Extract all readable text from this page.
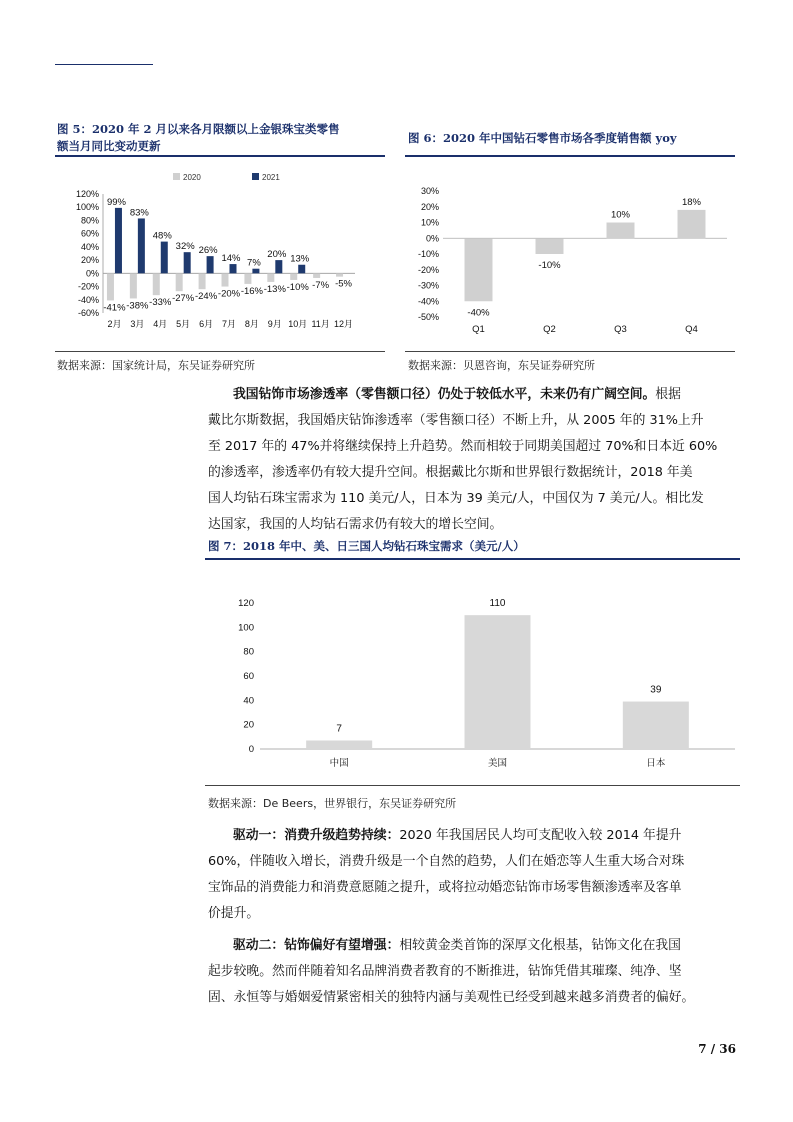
图 5：2020 年 2 月以来各月限额以上金银珠宝类零售
额当月同比变动更新
图 6：2020 年中国钻石零售市场各季度销售额 yoy
2020	2021
120%
100%
80%
60%
40%
20%
0%
-20%
-40%
-60%
2月
-41%
99%
3月
-38%
83%
4月
-33%
48%
5月
-27%
32%
6月
-24%
26%
7月
-20%
14%
8月
-16%
7%
9月
-13%
20%
10月
-10%
13%
11月
-7%
12月
-5%
30%
20%
10%
0%
-10%
-20%
-30%
-40%
-50%	-40%
Q1
-10%
Q2
10%
Q3
18%
Q4
数据来源：国家统计局，东吴证券研究所	数据来源：贝恩咨询，东吴证券研究所
我国钻饰市场渗透率（零售额口径）仍处于较低水平，未来仍有广阔空间。根据
戴比尔斯数据，我国婚庆钻饰渗透率（零售额口径）不断上升，从 2005 年的 31%上升
至 2017 年的 47%并将继续保持上升趋势。然而相较于同期美国超过 70%和日本近 60%
的渗透率，渗透率仍有较大提升空间。根据戴比尔斯和世界银行数据统计，2018 年美
国人均钻石珠宝需求为 110 美元/人，日本为 39 美元/人，中国仅为 7 美元/人。相比发
达国家，我国的人均钻石需求仍有较大的增长空间。
图 7：2018 年中、美、日三国人均钻石珠宝需求（美元/人）
120
100
80
60
40
20
0
7
中国
110
美国
39
日本
数据来源：De Beers，世界银行，东吴证券研究所
驱动一：消费升级趋势持续：2020 年我国居民人均可支配收入较 2014 年提升
60%，伴随收入增长，消费升级是一个自然的趋势，人们在婚恋等人生重大场合对珠
宝饰品的消费能力和消费意愿随之提升，或将拉动婚恋钻饰市场零售额渗透率及客单
价提升。
驱动二：钻饰偏好有望增强：相较黄金类首饰的深厚文化根基，钻饰文化在我国
起步较晚。然而伴随着知名品牌消费者教育的不断推进，钻饰凭借其璀璨、纯净、坚
固、永恒等与婚姻爱情紧密相关的独特内涵与美观性已经受到越来越多消费者的偏好。
7 / 36
